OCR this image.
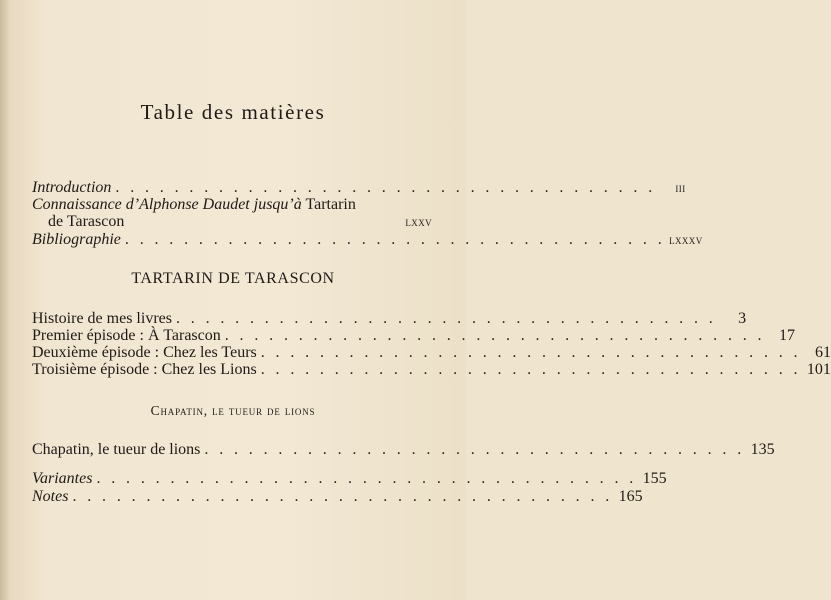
Table des matières
Introduction . . . . . . . . . . . . . . . . . . . . . . . . . . . . . . . . . . . . .	iii
Connaissance d’Alphonse Daudet jusqu’à Tartarin
de Tarascon	lxxv
Bibliographie . . . . . . . . . . . . . . . . . . . . . . . . . . . . . . . . . . . . . lxxxv
TARTARIN DE TARASCON
Histoire de mes livres . . . . . . . . . . . . . . . . . . . . . . . . . . . . . . . . . . . . .	3
Premier épisode : À Tarascon . . . . . . . . . . . . . . . . . . . . . . . . . . . . . . . . . . . . . 17
Deuxième épisode : Chez les Teurs . . . . . . . . . . . . . . . . . . . . . . . . . . . . . . . . . . . . . 61
Troisième épisode : Chez les Lions . . . . . . . . . . . . . . . . . . . . . . . . . . . . . . . . . . . . . 101
Chapatin, le tueur de lions
Chapatin, le tueur de lions . . . . . . . . . . . . . . . . . . . . . . . . . . . . . . . . . . . . . 135
Variantes . . . . . . . . . . . . . . . . . . . . . . . . . . . . . . . . . . . . . 155
Notes . . . . . . . . . . . . . . . . . . . . . . . . . . . . . . . . . . . . . 165
